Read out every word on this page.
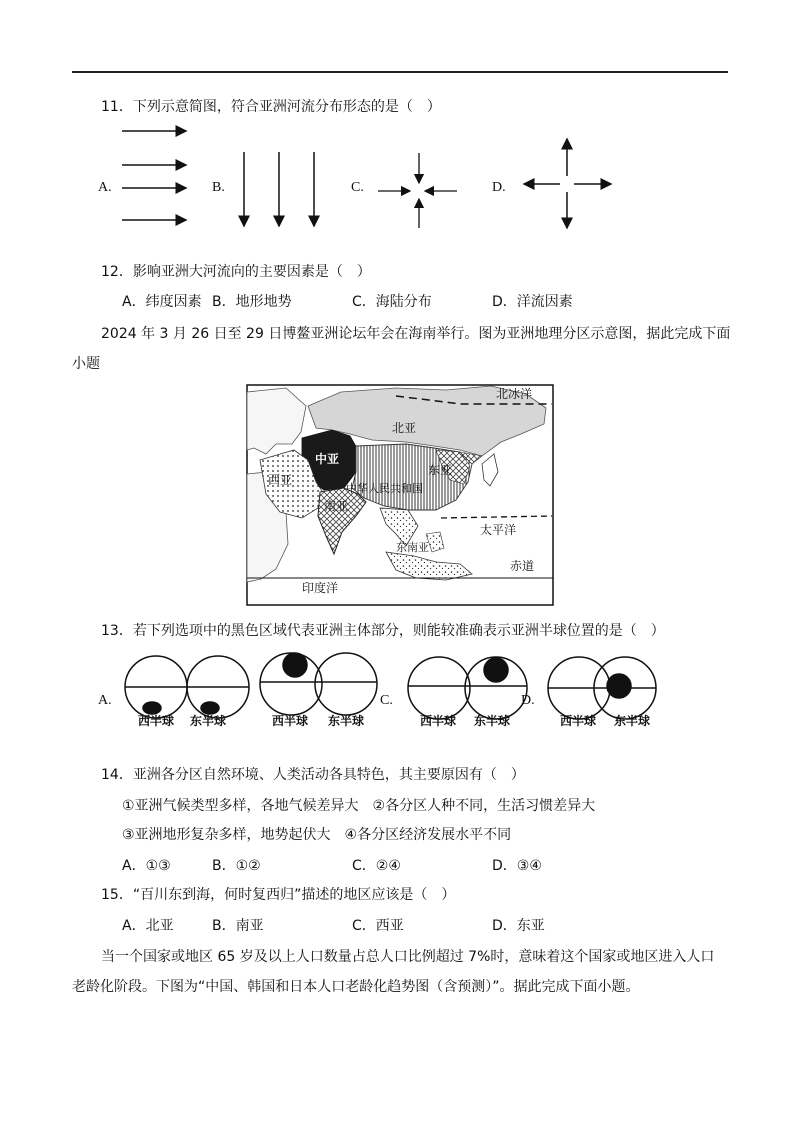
11．下列示意简图，符合亚洲河流分布形态的是（　）
A.	B.	C.	D.
12．影响亚洲大河流向的主要因素是（　）
A．纬度因素 B．地形地势	C．海陆分布	D．洋流因素
2024 年 3 月 26 日至 29 日博鳌亚洲论坛年会在海南举行。图为亚洲地理分区示意图，据此完成下面
小题
北冰洋
北亚
中亚
西亚
东亚
中华人民共和国
南亚
东南亚
太平洋
赤道
印度洋
13．若下列选项中的黑色区域代表亚洲主体部分，则能较准确表示亚洲半球位置的是（　）
A.	C.	D.
西半球 东半球	西半球 东半球	西半球 东半球	西半球 东半球
14．亚洲各分区自然环境、人类活动各具特色，其主要原因有（　）
①亚洲气候类型多样，各地气候差异大　②各分区人种不同，生活习惯差异大
③亚洲地形复杂多样，地势起伏大　④各分区经济发展水平不同
A．①③	B．①②	C．②④	D．③④
15．“百川东到海，何时复西归”描述的地区应该是（　）
A．北亚	B．南亚	C．西亚	D．东亚
当一个国家或地区 65 岁及以上人口数量占总人口比例超过 7%时，意味着这个国家或地区进入人口
老龄化阶段。下图为“中国、韩国和日本人口老龄化趋势图（含预测）”。据此完成下面小题。
